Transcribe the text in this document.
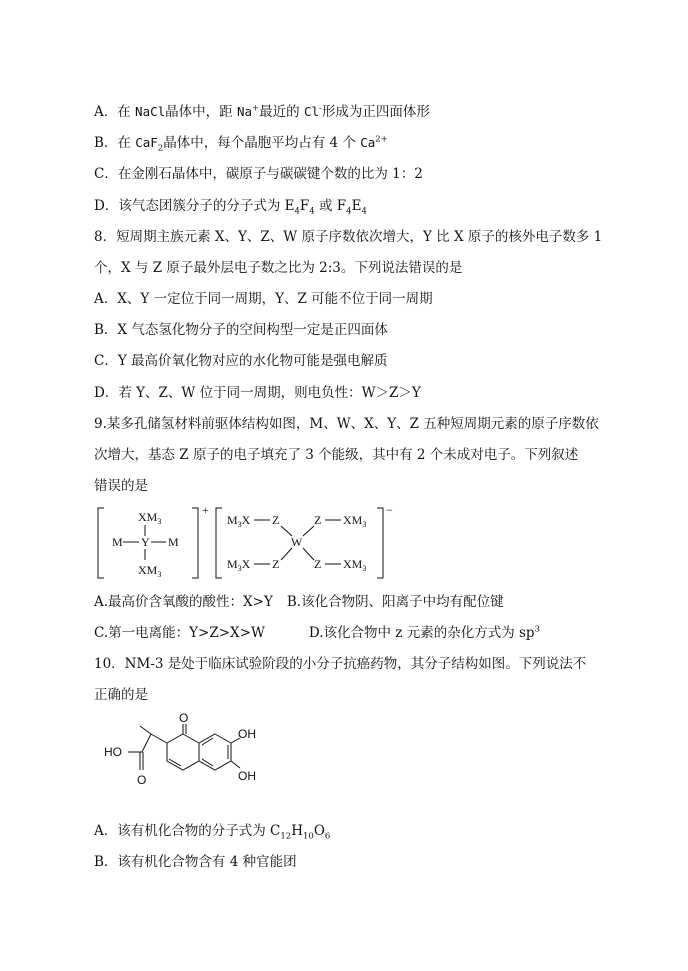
A．在 NaCl晶体中，距 Na+最近的 Cl-形成为正四面体形
B．在 CaF$_2$晶体中，每个晶胞平均占有 4 个 $Ca^{2+}$
C．在金刚石晶体中，碳原子与碳碳键个数的比为 1：2
D．该气态团簇分子的分子式为 $E_4F_4$ 或 $F_4E_4$
8．短周期主族元素 X、Y、Z、W 原子序数依次增大，Y 比 X 原子的核外电子数多 1
个，X 与 Z 原子最外层电子数之比为 2:3。下列说法错误的是
A．X、Y 一定位于同一周期，Y、Z 可能不位于同一周期
B．X 气态氢化物分子的空间构型一定是正四面体
C．Y 最高价氧化物对应的水化物可能是强电解质
D．若 Y、Z、W 位于同一周期，则电负性：W＞Z＞Y
9.某多孔储氢材料前驱体结构如图，M、W、X、Y、Z 五种短周期元素的原子序数依
次增大，基态 Z 原子的电子填充了 3 个能级，其中有 2 个未成对电子。下列叙述
错误的是
+
$XM_3$
M Y M
$XM_3$
−
$M_3X$ Z
$M_3X$ Z
W
Z $XM_3$
Z $XM_3$
A.最高价含氧酸的酸性：X>Y B.该化合物阴、阳离子中均有配位键
C.第一电离能：Y>Z>X>W	D.该化合物中 z 元素的杂化方式为 $sp^3$
10．NM-3 是处于临床试验阶段的小分子抗癌药物，其分子结构如图。下列说法不
正确的是
O
OH
HO
O	OH
A．该有机化合物的分子式为 $C_{12}H_{10}O_6$
B．该有机化合物含有 4 种官能团
